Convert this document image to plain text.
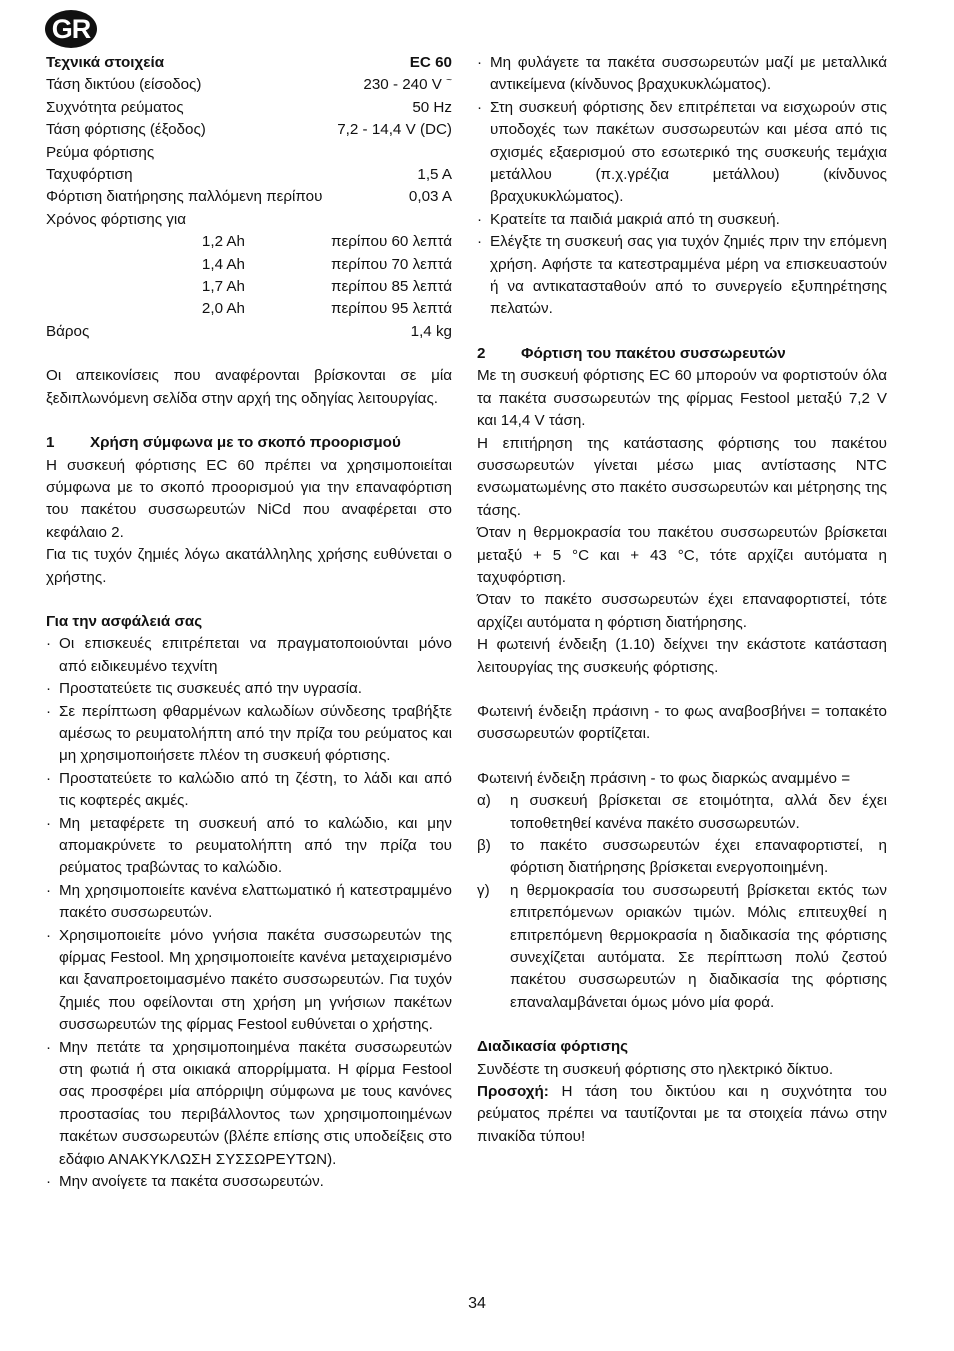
GR
Τεχνικά στοιχεία	EC 60
Τάση δικτύου (είσοδος)	230 - 240 V ~
Συχνότητα ρεύματος	50 Hz
Τάση φόρτισης (έξοδος)	7,2 - 14,4 V (DC)
Ρεύμα φόρτισης
Ταχυφόρτιση	1,5 A
Φόρτιση διατήρησης παλλόμενη περίπου	0,03 A
Χρόνος φόρτισης για
1,2 Ah	περίπου 60 λεπτά
1,4 Ah	περίπου 70 λεπτά
1,7 Ah	περίπου 85 λεπτά
2,0 Ah	περίπου 95 λεπτά
Βάρος	1,4 kg
Οι απεικονίσεις που αναφέρονται βρίσκονται σε μία ξεδιπλωνόμενη σελίδα στην αρχή της οδηγίας λειτουργίας.
1 Χρήση σύμφωνα με το σκοπό προορισμού
Η συσκευή φόρτισης EC 60 πρέπει να χρησιμοποιείται σύμφωνα με το σκοπό προορισμού για την επαναφόρτιση του πακέτου συσσωρευτών NiCd που αναφέρεται στο κεφάλαιο 2.
Για τις τυχόν ζημιές λόγω ακατάλληλης χρήσης ευθύνεται ο χρήστης.
Για την ασφάλειά σας
· Οι επισκευές επιτρέπεται να πραγματοποιούνται μόνο από ειδικευμένο τεχνίτη
· Προστατεύετε τις συσκευές από την υγρασία.
· Σε περίπτωση φθαρμένων καλωδίων σύνδεσης τραβήξτε αμέσως το ρευματολήπτη από την πρίζα του ρεύματος και μη χρησιμοποιήσετε πλέον τη συσκευή φόρτισης.
· Προστατεύετε το καλώδιο από τη ζέστη, το λάδι και από τις κοφτερές ακμές.
· Μη μεταφέρετε τη συσκευή από το καλώδιο, και μην απομακρύνετε το ρευματολήπτη από την πρίζα του ρεύματος τραβώντας το καλώδιο.
· Μη χρησιμοποιείτε κανένα ελαττωματικό ή κατεστραμμένο πακέτο συσσωρευτών.
· Χρησιμοποιείτε μόνο γνήσια πακέτα συσσωρευτών της φίρμας Festool. Μη χρησιμοποιείτε κανένα μεταχειρισμένο και ξαναπροετοιμασμένο πακέτο συσσωρευτών. Για τυχόν ζημιές που οφείλονται στη χρήση μη γνήσιων πακέτων συσσωρευτών της φίρμας Festool ευθύνεται ο χρήστης.
· Μην πετάτε τα χρησιμοποιημένα πακέτα συσσωρευτών στη φωτιά ή στα οικιακά απορρίμματα. Η φίρμα Festool σας προσφέρει μία απόρριψη σύμφωνα με τους κανόνες προστασίας του περιβάλλοντος των χρησιμοποιημένων πακέτων συσσωρευτών (βλέπε επίσης στις υποδείξεις στο εδάφιο ΑΝΑΚΥΚΛΩΣΗ ΣΥΣΣΩΡΕΥΤΩΝ).
· Μην ανοίγετε τα πακέτα συσσωρευτών.
· Μη φυλάγετε τα πακέτα συσσωρευτών μαζί με μεταλλικά αντικείμενα (κίνδυνος βραχυκυκλώματος).
· Στη συσκευή φόρτισης δεν επιτρέπεται να εισχωρούν στις υποδοχές των πακέτων συσσωρευτών και μέσα από τις σχισμές εξαερισμού στο εσωτερικό της συσκευής τεμάχια μετάλλου (π.χ.γρέζια μετάλλου) (κίνδυνος βραχυκυκλώματος).
· Κρατείτε τα παιδιά μακριά από τη συσκευή.
· Ελέγξτε τη συσκευή σας για τυχόν ζημιές πριν την επόμενη χρήση. Αφήστε τα κατεστραμμένα μέρη να επισκευαστούν ή να αντικατασταθούν από το συνεργείο εξυπηρέτησης πελατών.
2 Φόρτιση του πακέτου συσσωρευτών
Με τη συσκευή φόρτισης EC 60 μπορούν να φορτιστούν όλα τα πακέτα συσσωρευτών της φίρμας Festool μεταξύ 7,2 V και 14,4 V τάση.
Η επιτήρηση της κατάστασης φόρτισης του πακέτου συσσωρευτών γίνεται μέσω μιας αντίστασης NTC ενσωματωμένης στο πακέτο συσσωρευτών και μέτρησης της τάσης.
Όταν η θερμοκρασία του πακέτου συσσωρευτών βρίσκεται μεταξύ + 5 °C και + 43 °C, τότε αρχίζει αυτόματα η ταχυφόρτιση.
Όταν το πακέτο συσσωρευτών έχει επαναφορτιστεί, τότε αρχίζει αυτόματα η φόρτιση διατήρησης.
Η φωτεινή ένδειξη (1.10) δείχνει την εκάστοτε κατάσταση λειτουργίας της συσκευής φόρτισης.
Φωτεινή ένδειξη πράσινη - το φως αναβοσβήνει = τοπακέτο συσσωρευτών φορτίζεται.
Φωτεινή ένδειξη πράσινη - το φως διαρκώς αναμμένο =
α)	η συσκευή βρίσκεται σε ετοιμότητα, αλλά δεν έχει τοποθετηθεί κανένα πακέτο συσσωρευτών.
β)	το πακέτο συσσωρευτών έχει επαναφορτιστεί, η φόρτιση διατήρησης βρίσκεται ενεργοποιημένη.
γ)	η θερμοκρασία του συσσωρευτή βρίσκεται εκτός των επιτρεπόμενων οριακών τιμών. Μόλις επιτευχθεί η επιτρεπόμενη θερμοκρασία η διαδικασία της φόρτισης συνεχίζεται αυτόματα. Σε περίπτωση πολύ ζεστού πακέτου συσσωρευτών η διαδικασία της φόρτισης επαναλαμβάνεται όμως μόνο μία φορά.
Διαδικασία φόρτισης
Συνδέστε τη συσκευή φόρτισης στο ηλεκτρικό δίκτυο.
Προσοχή: Η τάση του δικτύου και η συχνότητα του ρεύματος πρέπει να ταυτίζονται με τα στοιχεία πάνω στην πινακίδα τύπου!
34
